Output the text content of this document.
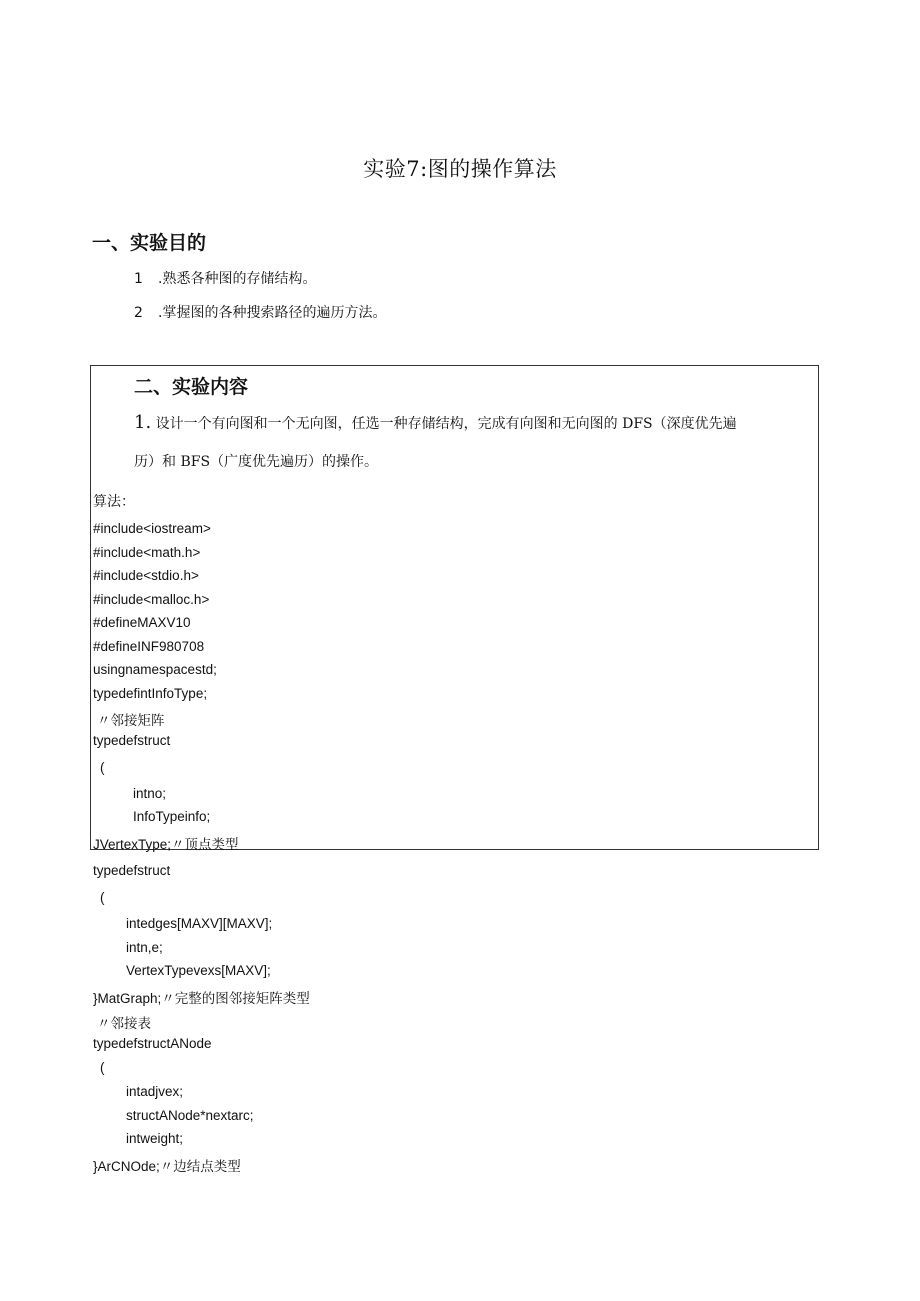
实验7:图的操作算法
一、实验目的
1 .熟悉各种图的存储结构。
2 .掌握图的各种搜索路径的遍历方法。
二、实验内容
1. 设计一个有向图和一个无向图，任选一种存储结构，完成有向图和无向图的 DFS（深度优先遍
历）和 BFS（广度优先遍历）的操作。
算法：
#include<iostream>
#include<math.h>
#include<stdio.h>
#include<malloc.h>
#defineMAXV10
#defineINF980708
usingnamespacestd;
typedefintInfoType;
〃邻接矩阵
typedefstruct
(
intno;
InfoTypeinfo;
JVertexType;〃顶点类型
typedefstruct
(
intedges[MAXV][MAXV];
intn,e;
VertexTypevexs[MAXV];
}MatGraph;〃完整的图邻接矩阵类型
〃邻接表
typedefstructANode
(
intadjvex;
structANode*nextarc;
intweight;
}ArCNOde;〃边结点类型
